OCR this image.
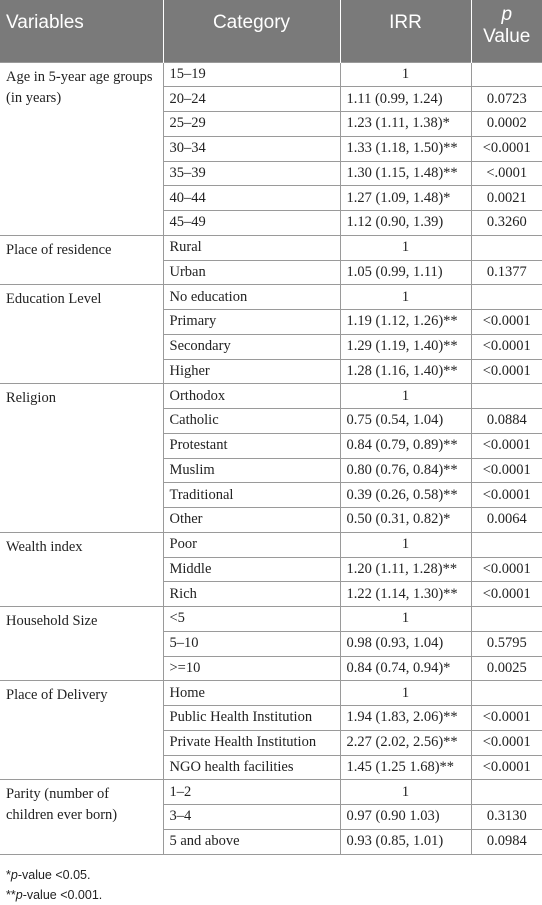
Variables	Category	IRR	p
Value
Age in 5-year age groups (in years)	15–19	1	
	20–24	1.11 (0.99, 1.24)	0.0723
	25–29	1.23 (1.11, 1.38)*	0.0002
	30–34	1.33 (1.18, 1.50)**	<0.0001
	35–39	1.30 (1.15, 1.48)**	<.0001
	40–44	1.27 (1.09, 1.48)*	0.0021
	45–49	1.12 (0.90, 1.39)	0.3260
Place of residence	Rural	1	
	Urban	1.05 (0.99, 1.11)	0.1377
Education Level	No education	1	
	Primary	1.19 (1.12, 1.26)**	<0.0001
	Secondary	1.29 (1.19, 1.40)**	<0.0001
	Higher	1.28 (1.16, 1.40)**	<0.0001
Religion	Orthodox	1	
	Catholic	0.75 (0.54, 1.04)	0.0884
	Protestant	0.84 (0.79, 0.89)**	<0.0001
	Muslim	0.80 (0.76, 0.84)**	<0.0001
	Traditional	0.39 (0.26, 0.58)**	<0.0001
	Other	0.50 (0.31, 0.82)*	0.0064
Wealth index	Poor	1	
	Middle	1.20 (1.11, 1.28)**	<0.0001
	Rich	1.22 (1.14, 1.30)**	<0.0001
Household Size	<5	1	
	5–10	0.98 (0.93, 1.04)	0.5795
	>=10	0.84 (0.74, 0.94)*	0.0025
Place of Delivery	Home	1	
	Public Health Institution	1.94 (1.83, 2.06)**	<0.0001
	Private Health Institution	2.27 (2.02, 2.56)**	<0.0001
	NGO health facilities	1.45 (1.25 1.68)**	<0.0001
Parity (number of children ever born)	1–2	1	
	3–4	0.97 (0.90 1.03)	0.3130
	5 and above	0.93 (0.85, 1.01)	0.0984
*p-value <0.05.
**p-value <0.001.
